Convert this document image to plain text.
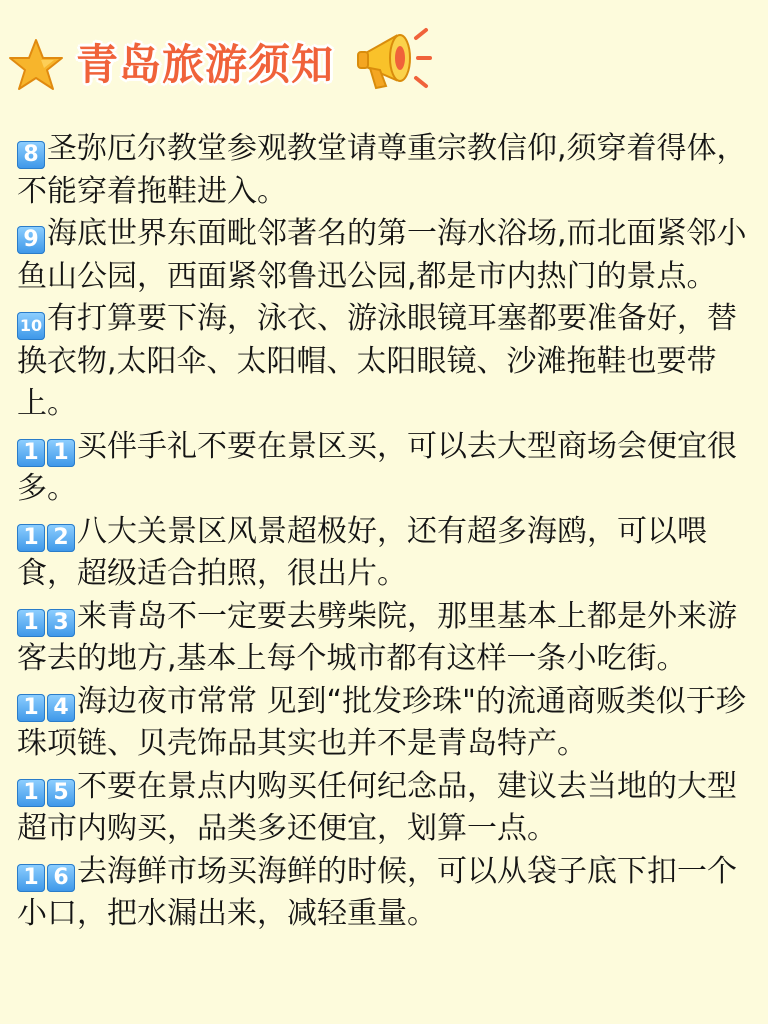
青岛旅游须知

8 圣弥厄尔教堂参观教堂请尊重宗教信仰,须穿着得体，不能穿着拖鞋进入。

9 海底世界东面毗邻著名的第一海水浴场,而北面紧邻小鱼山公园，西面紧邻鲁迅公园,都是市内热门的景点。

10 有打算要下海，泳衣、游泳眼镜耳塞都要准备好，替换衣物,太阳伞、太阳帽、太阳眼镜、沙滩拖鞋也要带上。

1 1 买伴手礼不要在景区买，可以去大型商场会便宜很多。

1 2 八大关景区风景超极好，还有超多海鸥，可以喂食，超级适合拍照，很出片。

1 3 来青岛不一定要去劈柴院，那里基本上都是外来游客去的地方,基本上每个城市都有这样一条小吃街。

1 4 海边夜市常常 见到“批发珍珠"的流通商贩类似于珍珠项链、贝壳饰品其实也并不是青岛特产。

1 5 不要在景点内购买任何纪念品，建议去当地的大型超市内购买，品类多还便宜，划算一点。

1 6 去海鲜市场买海鲜的时候，可以从袋子底下扣一个小口，把水漏出来，减轻重量。
